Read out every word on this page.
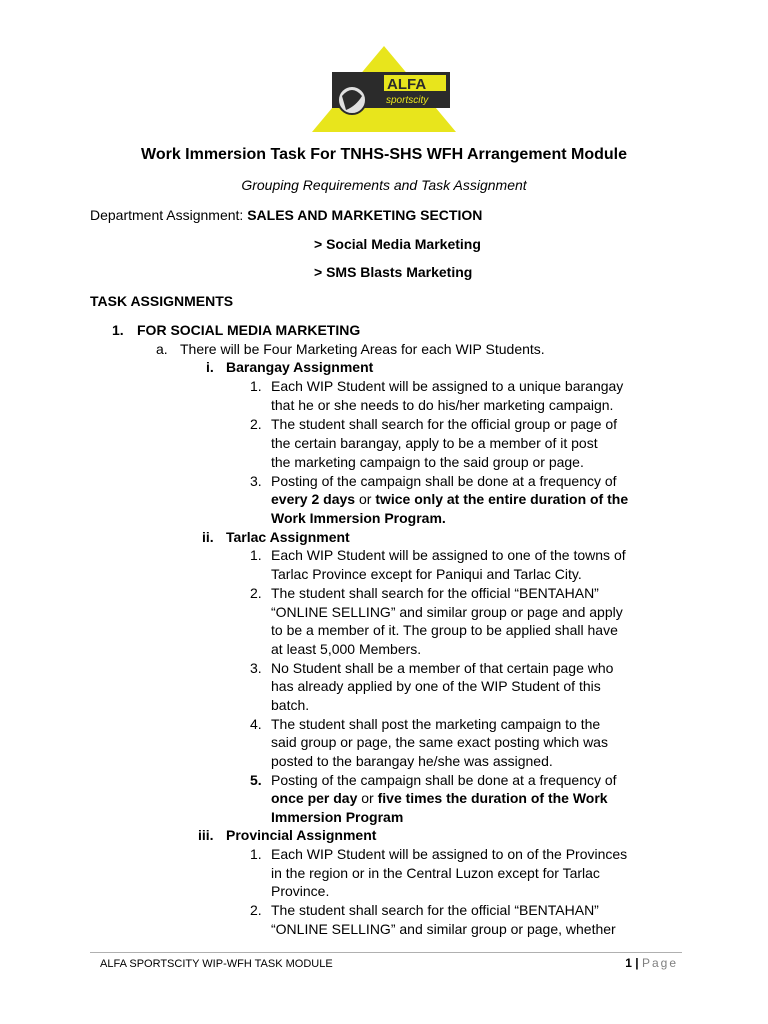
ALFA
sportscity
Work Immersion Task For TNHS-SHS WFH Arrangement Module
Grouping Requirements and Task Assignment
Department Assignment: SALES AND MARKETING SECTION
> Social Media Marketing
> SMS Blasts Marketing
TASK ASSIGNMENTS
1. FOR SOCIAL MEDIA MARKETING
a. There will be Four Marketing Areas for each WIP Students.
i. Barangay Assignment
1. Each WIP Student will be assigned to a unique barangay
that he or she needs to do his/her marketing campaign.
2. The student shall search for the official group or page of
the certain barangay, apply to be a member of it post
the marketing campaign to the said group or page.
3. Posting of the campaign shall be done at a frequency of
every 2 days or twice only at the entire duration of the
Work Immersion Program.
ii. Tarlac Assignment
1. Each WIP Student will be assigned to one of the towns of
Tarlac Province except for Paniqui and Tarlac City.
2. The student shall search for the official “BENTAHAN”
“ONLINE SELLING” and similar group or page and apply
to be a member of it. The group to be applied shall have
at least 5,000 Members.
3. No Student shall be a member of that certain page who
has already applied by one of the WIP Student of this
batch.
4. The student shall post the marketing campaign to the
said group or page, the same exact posting which was
posted to the barangay he/she was assigned.
5. Posting of the campaign shall be done at a frequency of
once per day or five times the duration of the Work
Immersion Program
iii. Provincial Assignment
1. Each WIP Student will be assigned to on of the Provinces
in the region or in the Central Luzon except for Tarlac
Province.
2. The student shall search for the official “BENTAHAN”
“ONLINE SELLING” and similar group or page, whether
ALFA SPORTSCITY WIP-WFH TASK MODULE	1 | Page
